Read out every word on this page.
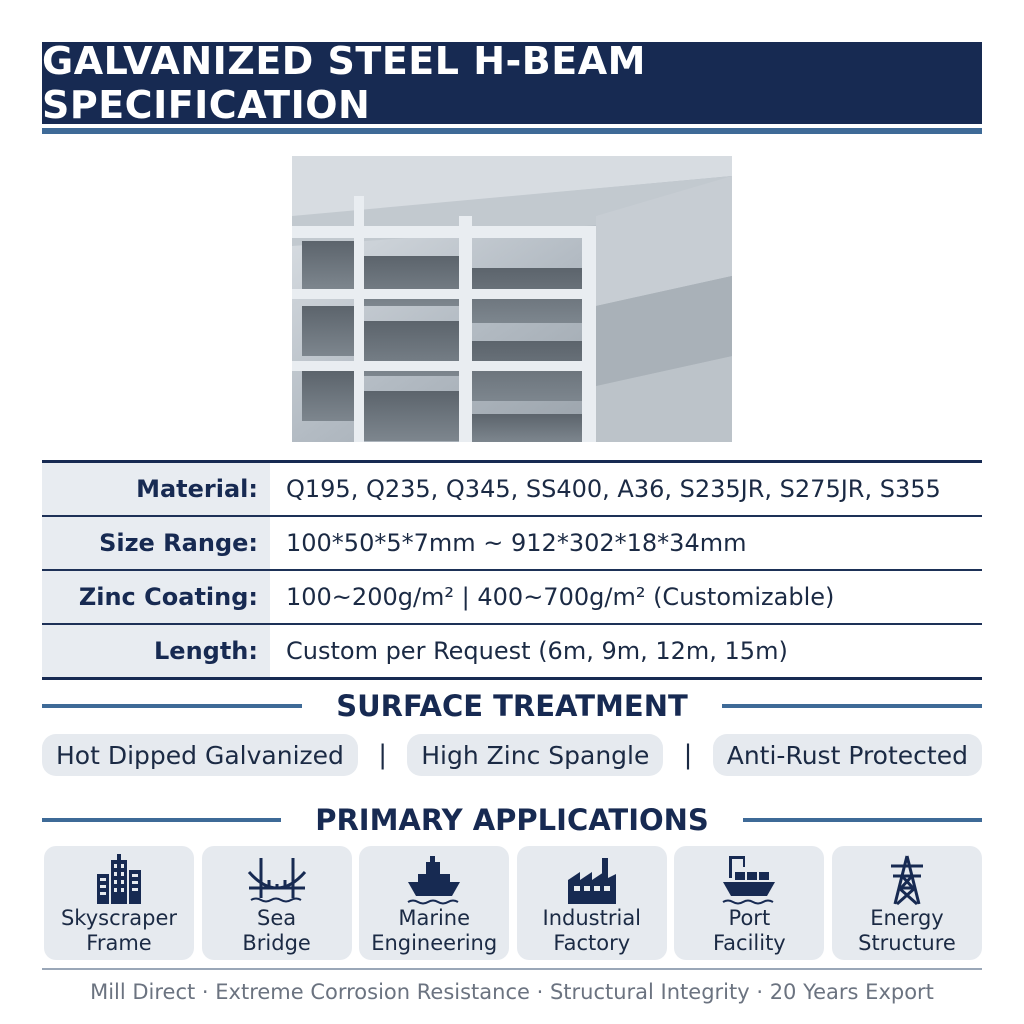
GALVANIZED STEEL H-BEAM SPECIFICATION
Material:	Q195, Q235, Q345, SS400, A36, S235JR, S275JR, S355
Size Range:	100*50*5*7mm ~ 912*302*18*34mm
Zinc Coating:	100~200g/m² | 400~700g/m² (Customizable)
Length:	Custom per Request (6m, 9m, 12m, 15m)
SURFACE TREATMENT
Hot Dipped Galvanized	|	High Zinc Spangle	|	Anti-Rust Protected
PRIMARY APPLICATIONS
Skyscraper
Frame
Sea
Bridge
Marine
Engineering
Industrial
Factory
Port
Facility
Energy
Structure
Mill Direct · Extreme Corrosion Resistance · Structural Integrity · 20 Years Export
